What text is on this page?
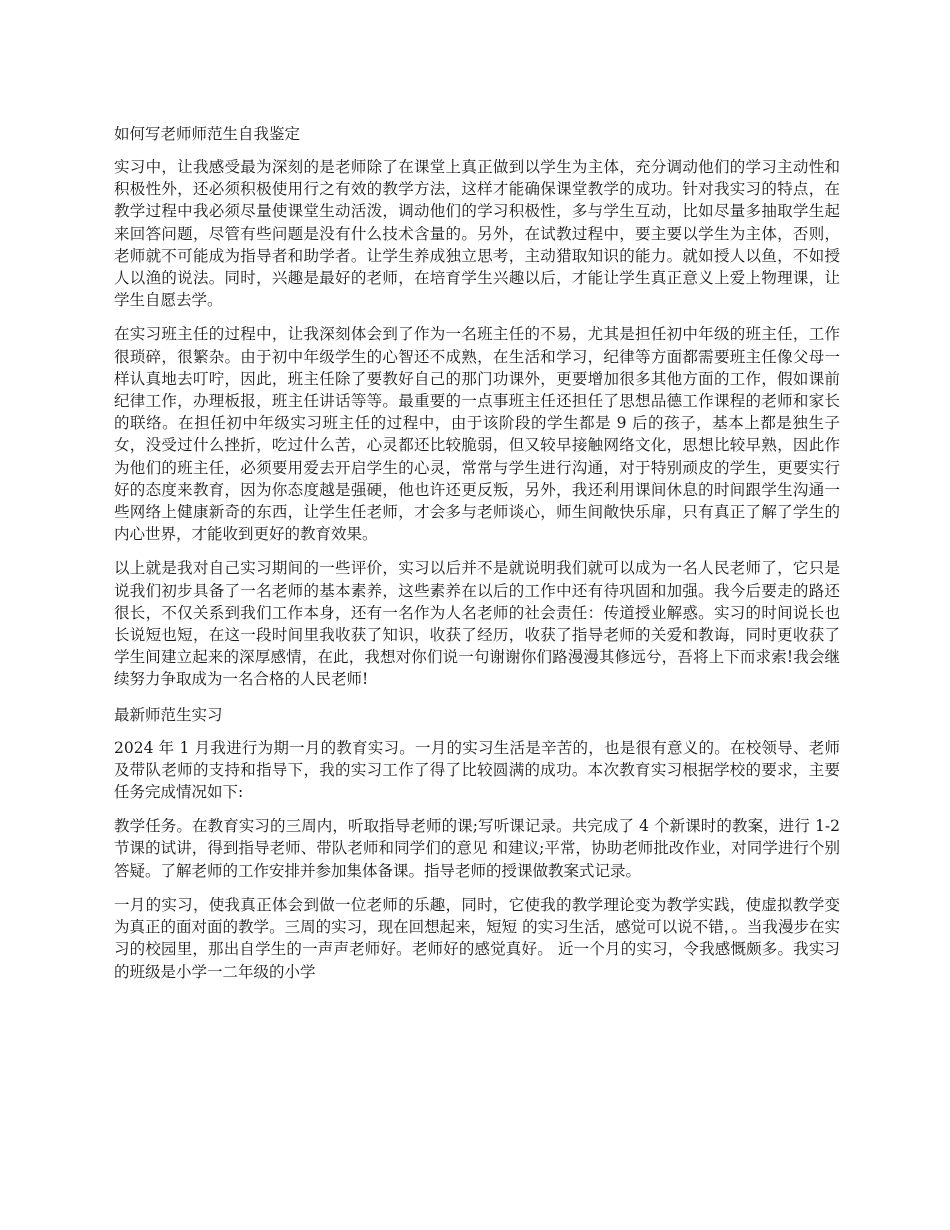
如何写老师师范生自我鉴定

实习中，让我感受最为深刻的是老师除了在课堂上真正做到以学生为主体，充分调动他们的学习主动性和积极性外，还必须积极使用行之有效的教学方法，这样才能确保课堂教学的成功。针对我实习的特点，在教学过程中我必须尽量使课堂生动活泼，调动他们的学习积极性，多与学生互动，比如尽量多抽取学生起来回答问题，尽管有些问题是没有什么技术含量的。另外，在试教过程中，要主要以学生为主体，否则，老师就不可能成为指导者和助学者。让学生养成独立思考，主动猎取知识的能力。就如授人以鱼，不如授人以渔的说法。同时，兴趣是最好的老师，在培育学生兴趣以后，才能让学生真正意义上爱上物理课，让学生自愿去学。

在实习班主任的过程中，让我深刻体会到了作为一名班主任的不易，尤其是担任初中年级的班主任，工作很琐碎，很繁杂。由于初中年级学生的心智还不成熟，在生活和学习，纪律等方面都需要班主任像父母一样认真地去叮咛，因此，班主任除了要教好自己的那门功课外，更要增加很多其他方面的工作，假如课前纪律工作，办理板报，班主任讲话等等。最重要的一点事班主任还担任了思想品德工作课程的老师和家长的联络。在担任初中年级实习班主任的过程中，由于该阶段的学生都是 9 后的孩子，基本上都是独生子女，没受过什么挫折，吃过什么苦，心灵都还比较脆弱，但又较早接触网络文化，思想比较早熟，因此作为他们的班主任，必须要用爱去开启学生的心灵，常常与学生进行沟通，对于特别顽皮的学生，更要实行好的态度来教育，因为你态度越是强硬，他也许还更反叛，另外，我还利用课间休息的时间跟学生沟通一些网络上健康新奇的东西，让学生任老师，才会多与老师谈心，师生间敞快乐扉，只有真正了解了学生的内心世界，才能收到更好的教育效果。

以上就是我对自己实习期间的一些评价，实习以后并不是就说明我们就可以成为一名人民老师了，它只是说我们初步具备了一名老师的基本素养，这些素养在以后的工作中还有待巩固和加强。我今后要走的路还很长，不仅关系到我们工作本身，还有一名作为人名老师的社会责任：传道授业解惑。实习的时间说长也长说短也短，在这一段时间里我收获了知识，收获了经历，收获了指导老师的关爱和教诲，同时更收获了学生间建立起来的深厚感情，在此，我想对你们说一句谢谢你们路漫漫其修远兮，吾将上下而求索!我会继续努力争取成为一名合格的人民老师!

最新师范生实习

2024 年 1 月我进行为期一月的教育实习。一月的实习生活是辛苦的，也是很有意义的。在校领导、老师及带队老师的支持和指导下，我的实习工作了得了比较圆满的成功。本次教育实习根据学校的要求，主要任务完成情况如下:

教学任务。在教育实习的三周内，听取指导老师的课;写听课记录。共完成了 4 个新课时的教案，进行 1-2 节课的试讲，得到指导老师、带队老师和同学们的意见 和建议;平常，协助老师批改作业，对同学进行个别答疑。了解老师的工作安排并参加集体备课。指导老师的授课做教案式记录。

一月的实习，使我真正体会到做一位老师的乐趣，同时，它使我的教学理论变为教学实践，使虚拟教学变为真正的面对面的教学。三周的实习，现在回想起来，短短 的实习生活，感觉可以说不错，。当我漫步在实习的校园里，那出自学生的一声声老师好。老师好的感觉真好。 近一个月的实习，令我感慨颇多。我实习的班级是小学一二年级的小学
